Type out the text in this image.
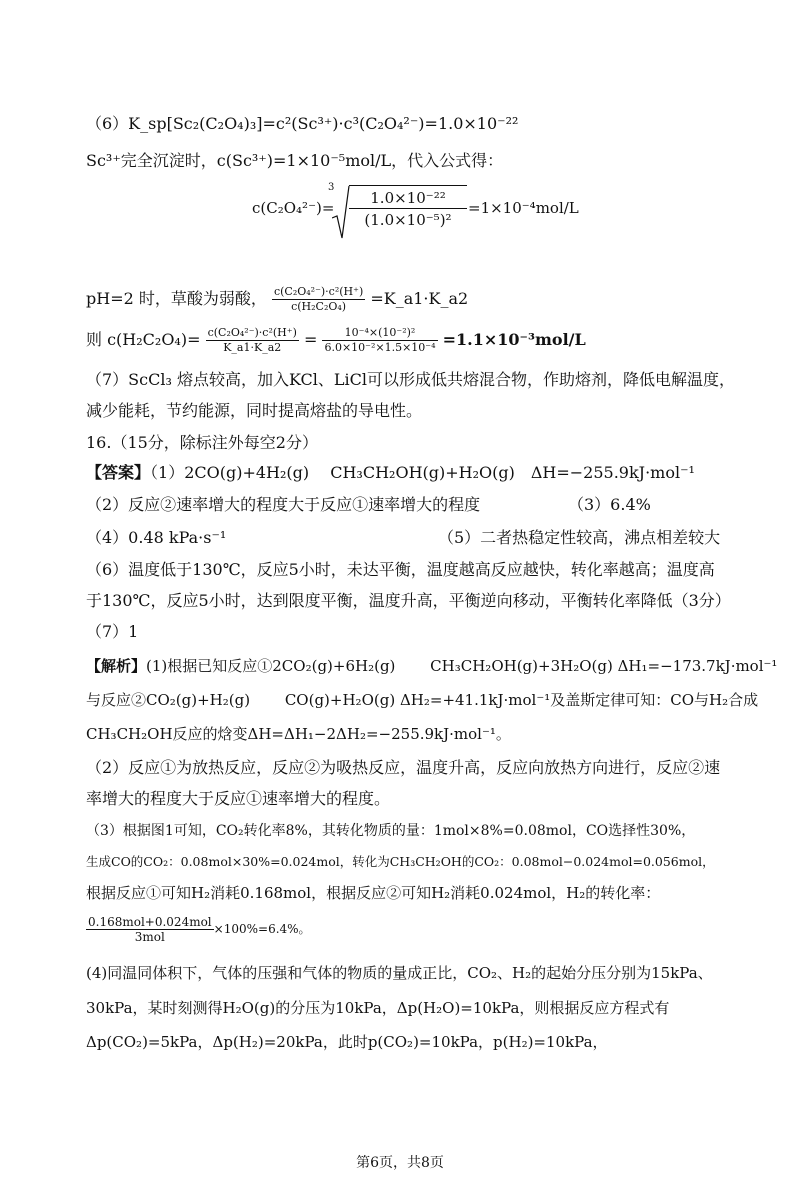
（6）K_sp[Sc₂(C₂O₄)₃]=c²(Sc³⁺)·c³(C₂O₄²⁻)=1.0×10⁻²²
Sc³⁺完全沉淀时，c(Sc³⁺)=1×10⁻⁵mol/L，代入公式得：
c(C₂O₄²⁻)=
3
$\frac{\text{1.0×10⁻²²}}{\text{(1.0×10⁻⁵)²}} =1\times 10^{-4}mol/L$
pH=2 时，草酸为弱酸， $\frac{\text{c(C₂O₄²⁻)·c²(H⁺)}}{\text{c(H₂C₂O₄)}}$ =K_a1·K_a2
则 $c(H_2C_2O_4)= \frac{\text{c(C₂O₄²⁻)·c²(H⁺)}}{K\_a1\cdot K\_a2} = \frac{\text{10⁻⁴×(10⁻²)²}}{\text{6.0×10⁻²×1.5×10⁻⁴}} =1.1\times 10^{-3}mol/L$
（7）ScCl₃ 熔点较高，加入KCl、LiCl可以形成低共熔混合物，作助熔剂，降低电解温度，
减少能耗，节约能源，同时提高熔盐的导电性。
16.（15分，除标注外每空2分）
【答案】（1）2CO(g)+4H₂(g)　 CH₃CH₂OH(g)+H₂O(g)　ΔH=−255.9kJ·mol⁻¹
（2）反应②速率增大的程度大于反应①速率增大的程度	（3）6.4%
（4）0.48 kPa·s⁻¹	（5）二者热稳定性较高，沸点相差较大
（6）温度低于130℃，反应5小时，未达平衡，温度越高反应越快，转化率越高；温度高
于130℃，反应5小时，达到限度平衡，温度升高，平衡逆向移动，平衡转化率降低（3分）
（7）1
【解析】(1)根据已知反应①2CO₂(g)+6H₂(g)　　 CH₃CH₂OH(g)+3H₂O(g) ΔH₁=−173.7kJ·mol⁻¹
与反应②CO₂(g)+H₂(g)　　 CO(g)+H₂O(g) ΔH₂=+41.1kJ·mol⁻¹及盖斯定律可知：CO与H₂合成
CH₃CH₂OH反应的焓变ΔH=ΔH₁−2ΔH₂=−255.9kJ·mol⁻¹。
（2）反应①为放热反应，反应②为吸热反应，温度升高，反应向放热方向进行，反应②速
率增大的程度大于反应①速率增大的程度。
（3）根据图1可知，CO₂转化率8%，其转化物质的量：1mol×8%=0.08mol，CO选择性30%，
生成CO的CO₂：0.08mol×30%=0.024mol，转化为CH₃CH₂OH的CO₂：0.08mol−0.024mol=0.056mol，
根据反应①可知H₂消耗0.168mol，根据反应②可知H₂消耗0.024mol，H₂的转化率：
$\frac{\text{0.168mol+0.024mol}}{\text{3mol}} \times 100\%=6.4\%$。
(4)同温同体积下，气体的压强和气体的物质的量成正比，CO₂、H₂的起始分压分别为15kPa、
30kPa，某时刻测得H₂O(g)的分压为10kPa，Δp(H₂O)=10kPa，则根据反应方程式有
Δp(CO₂)=5kPa，Δp(H₂)=20kPa，此时p(CO₂)=10kPa，p(H₂)=10kPa，
第6页，共8页
